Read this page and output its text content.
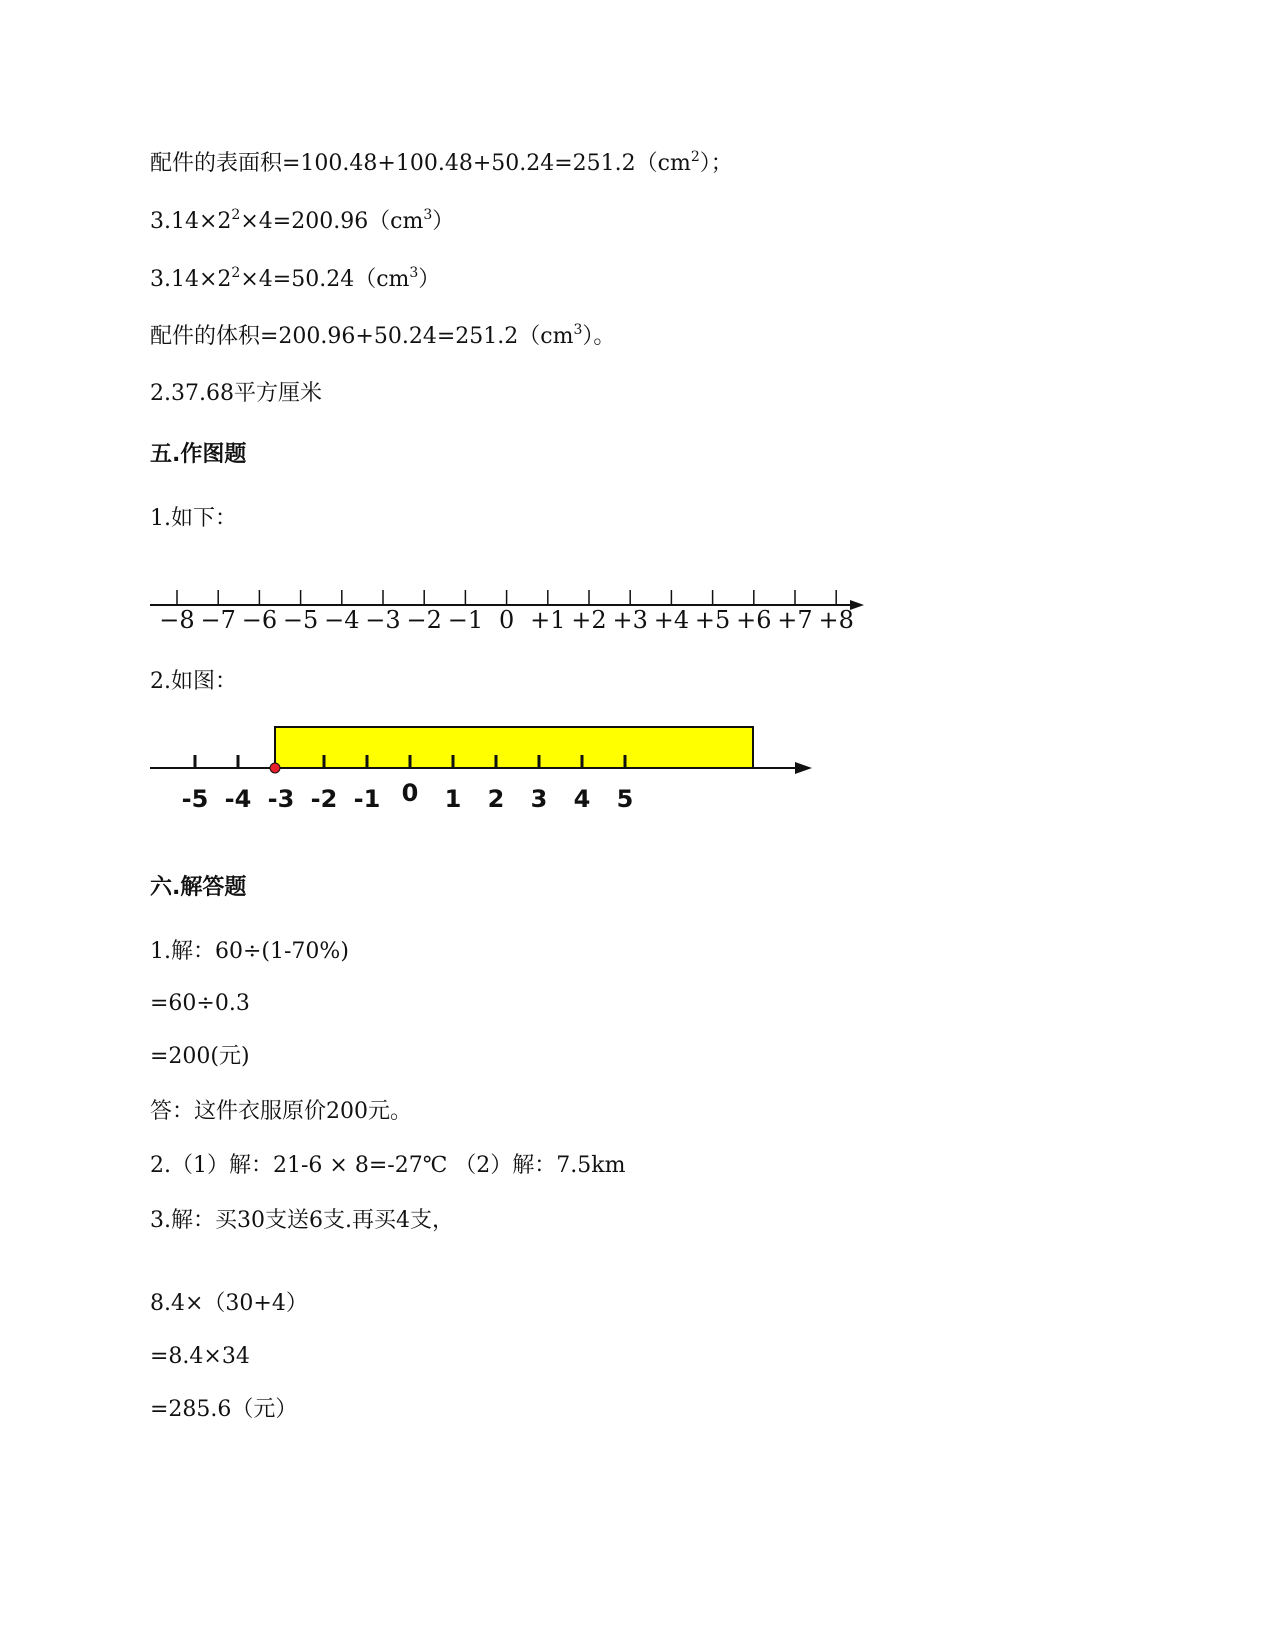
配件的表面积$=100.48+100.48+50.24=251.2(cm^2)$；
$3.14\times 2^2\times 4=200.96(cm^3)$
$3.14\times 2^2\times 4=50.24(cm^3)$
配件的体积$=200.96+50.24=251.2(cm^3)$。
2.37.68平方厘米
五.作图题
1.如下：
−8 −7 −6 −5 −4 −3 −2 −1 0 +1 +2 +3 +4 +5 +6 +7 +8
2.如图：
-5 -4 -3 -2 -1 0 1 2 3 4 5
六.解答题
1.解：60÷(1-70%)
=60÷0.3
=200(元)
答：这件衣服原价200元。
2.（1）解：21-6 × 8=-27℃ （2）解：7.5km
3.解：买30支送6支.再买4支，
8.4×（30+4）
=8.4×34
=285.6（元）
